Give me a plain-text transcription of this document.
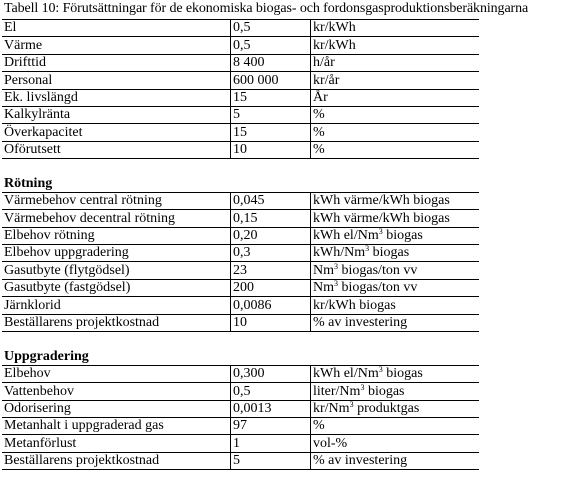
Tabell 10: Förutsättningar för de ekonomiska biogas- och fordonsgasproduktionsberäkningarna
El	0,5	kr/kWh
Värme	0,5	kr/kWh
Drifttid	8 400	h/år
Personal	600 000	kr/år
Ek. livslängd	15	År
Kalkylränta	5	%
Överkapacitet	15	%
Oförutsett	10	%

Rötning		
Värmebehov central rötning	0,045	kWh värme/kWh biogas
Värmebehov decentral rötning	0,15	kWh värme/kWh biogas
Elbehov rötning	0,20	kWh el/Nm$^3$ biogas
Elbehov uppgradering	0,3	kWh/Nm$^3$ biogas
Gasutbyte (flytgödsel)	23	Nm$^3$ biogas/ton vv
Gasutbyte (fastgödsel)	200	Nm$^3$ biogas/ton vv
Järnklorid	0,0086	kr/kWh biogas
Beställarens projektkostnad	10	% av investering

Uppgradering		
Elbehov	0,300	kWh el/Nm$^3$ biogas
Vattenbehov	0,5	liter/Nm$^3$ biogas
Odorisering	0,0013	kr/Nm$^3$ produktgas
Metanhalt i uppgraderad gas	97	%
Metanförlust	1	vol-%
Beställarens projektkostnad	5	% av investering
